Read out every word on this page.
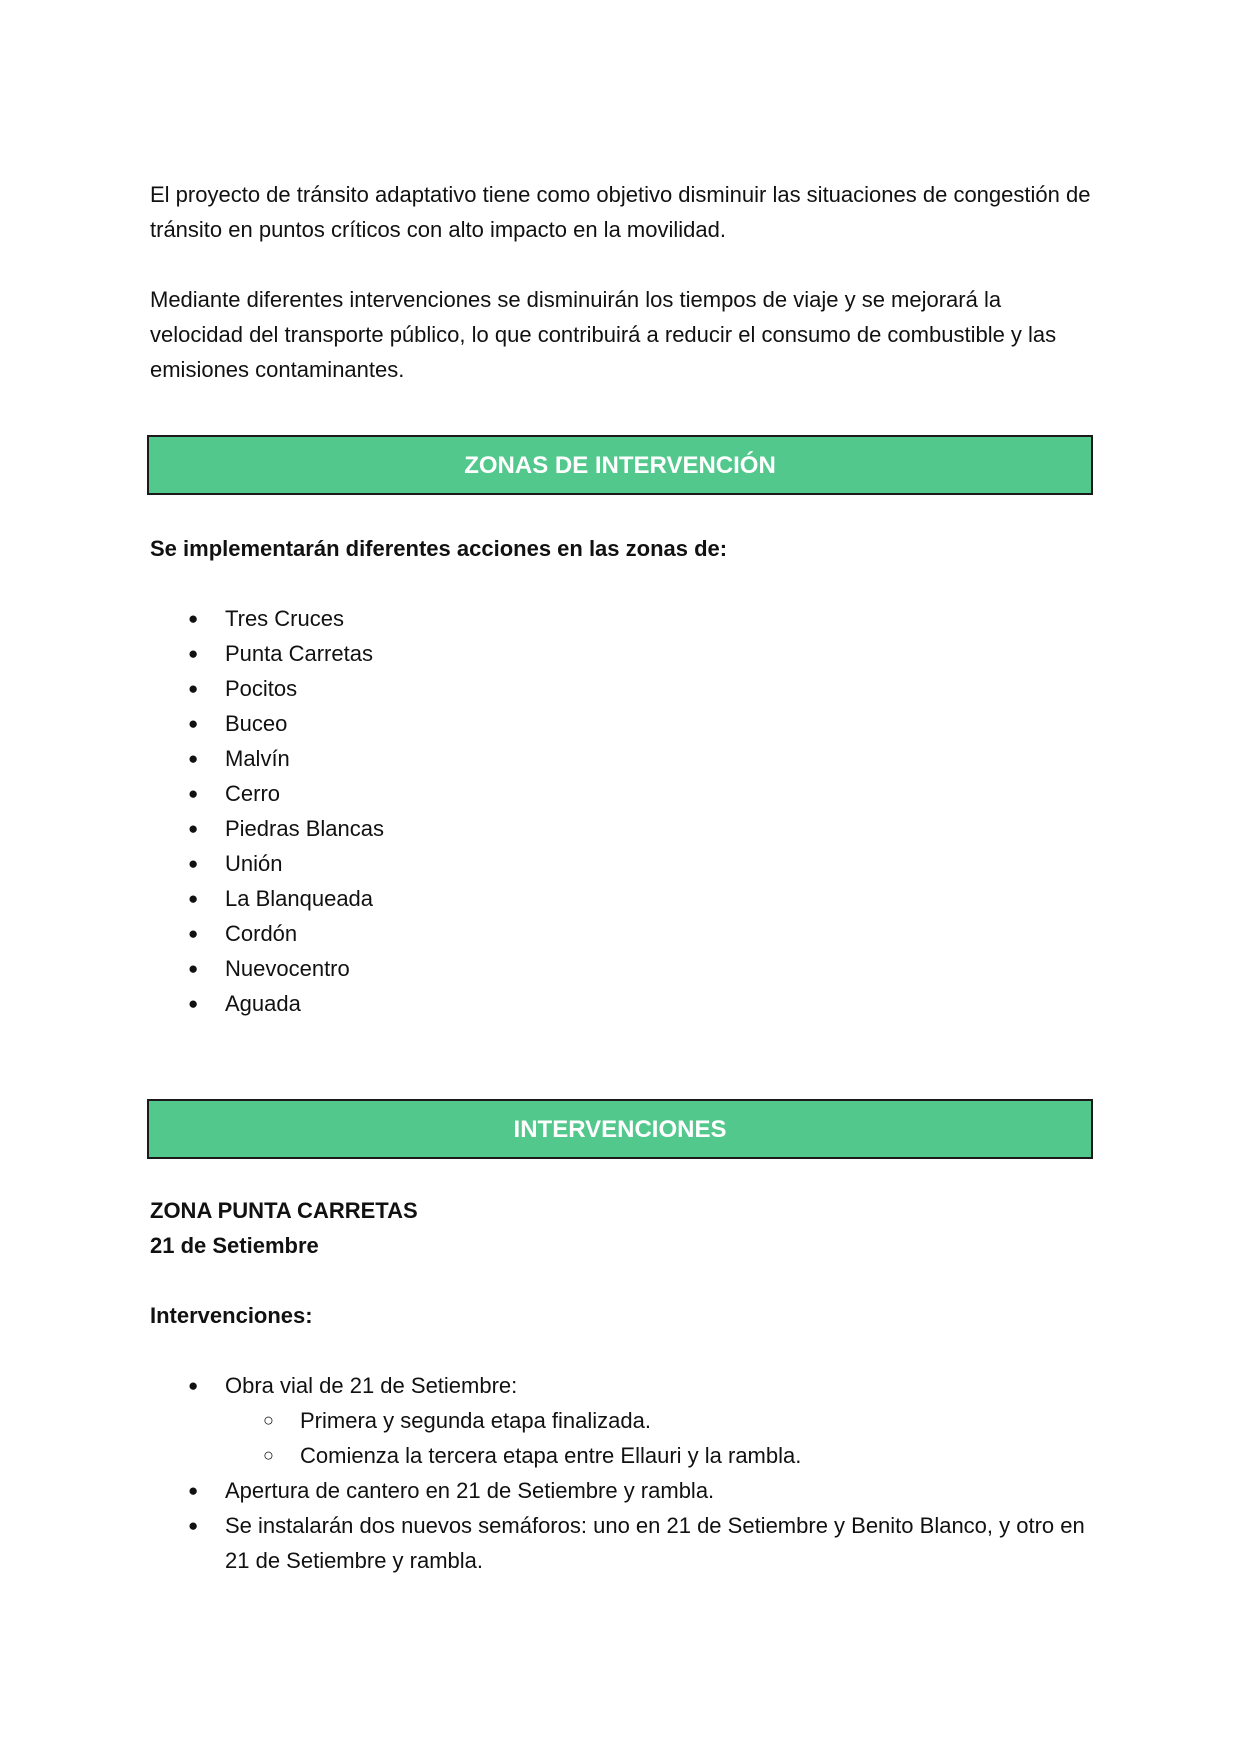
El proyecto de tránsito adaptativo tiene como objetivo disminuir las situaciones de congestión de tránsito en puntos críticos con alto impacto en la movilidad.

Mediante diferentes intervenciones se disminuirán los tiempos de viaje y se mejorará la velocidad del transporte público, lo que contribuirá a reducir el consumo de combustible y las emisiones contaminantes.

ZONAS DE INTERVENCIÓN

Se implementarán diferentes acciones en las zonas de:

● Tres Cruces
● Punta Carretas
● Pocitos
● Buceo
● Malvín
● Cerro
● Piedras Blancas
● Unión
● La Blanqueada
● Cordón
● Nuevocentro
● Aguada
INTERVENCIONES

ZONA PUNTA CARRETAS

21 de Setiembre

Intervenciones:

● Obra vial de 21 de Setiembre:
○ Primera y segunda etapa finalizada.
○ Comienza la tercera etapa entre Ellauri y la rambla.
● Apertura de cantero en 21 de Setiembre y rambla.
● Se instalarán dos nuevos semáforos: uno en 21 de Setiembre y Benito Blanco, y otro en 21 de Setiembre y rambla.
